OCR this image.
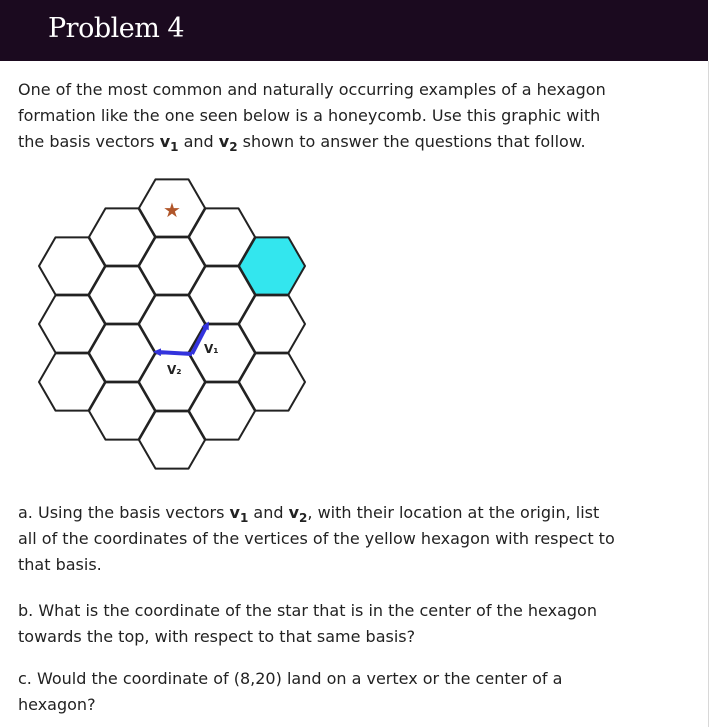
Problem 4

One of the most common and naturally occurring examples of a hexagon
formation like the one seen below is a honeycomb. Use this graphic with
the basis vectors $v_1$ and $v_2$ shown to answer the questions that follow.

★
V₁
V₂

a. Using the basis vectors $v_1$ and $v_2$, with their location at the origin, list
all of the coordinates of the vertices of the yellow hexagon with respect to
that basis.

b. What is the coordinate of the star that is in the center of the hexagon
towards the top, with respect to that same basis?

c. Would the coordinate of (8,20) land on a vertex or the center of a
hexagon?
